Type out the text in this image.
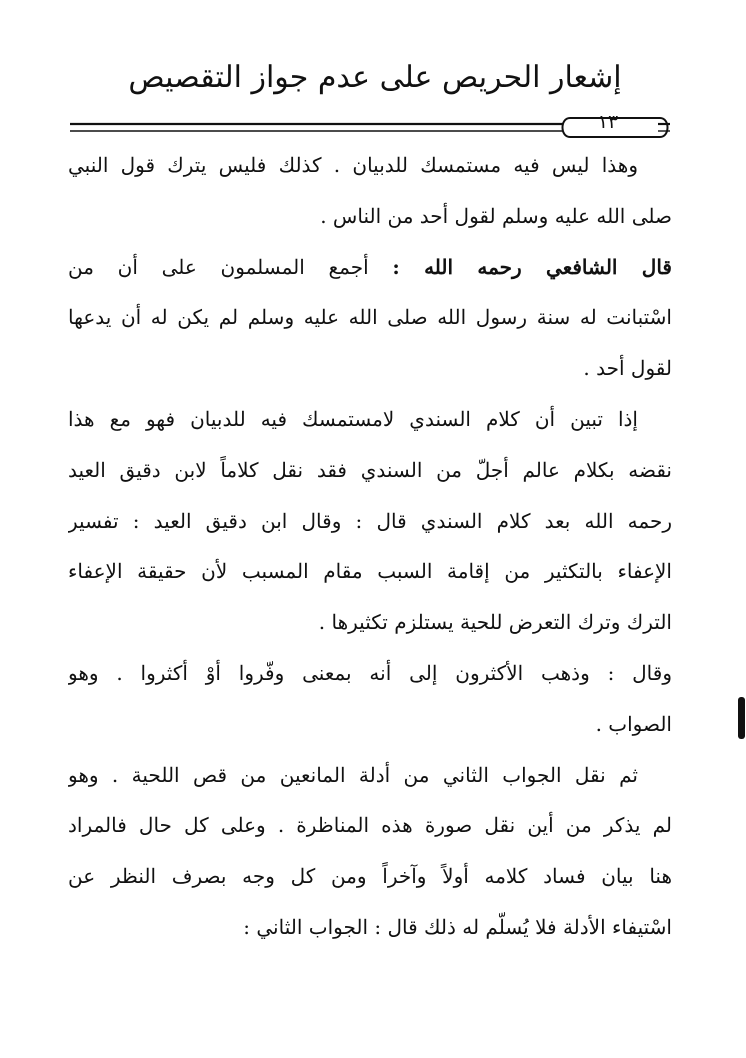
إشعار الحريص على عدم جواز التقصيص
١٣
وهذا ليس فيه مستمسك للدبيان . كذلك فليس يترك قول النبي
صلى الله عليه وسلم لقول أحد من الناس .
قال الشافعي رحمه الله : أجمع المسلمون على أن من
اسْتبانت له سنة رسول الله صلى الله عليه وسلم لم يكن له أن يدعها
لقول أحد .
إذا تبين أن كلام السندي لامستمسك فيه للدبيان فهو مع هذا
نقضه بكلام عالم أجلّ من السندي فقد نقل كلاماً لابن دقيق العيد
رحمه الله بعد كلام السندي قال : وقال ابن دقيق العيد : تفسير
الإعفاء بالتكثير من إقامة السبب مقام المسبب لأن حقيقة الإعفاء
الترك وترك التعرض للحية يستلزم تكثيرها .
وقال : وذهب الأكثرون إلى أنه بمعنى وفّروا أوْ أكثروا . وهو
الصواب .
ثم نقل الجواب الثاني من أدلة المانعين من قص اللحية . وهو
لم يذكر من أين نقل صورة هذه المناظرة . وعلى كل حال فالمراد
هنا بيان فساد كلامه أولاً وآخراً ومن كل وجه بصرف النظر عن
اسْتيفاء الأدلة فلا يُسلّم له ذلك قال : الجواب الثاني :
